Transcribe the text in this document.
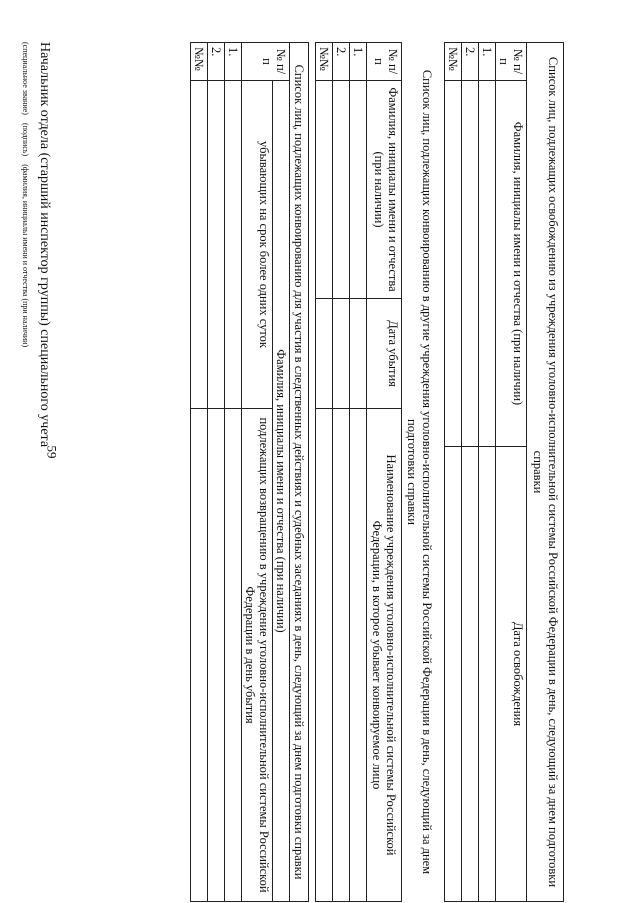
59	Список лиц, подлежащих освобождению из учреждения уголовно-исполнительной системы Российской Федерации в день, следующий за днем подготовки справки		
№ п/п	Фамилия, инициалы имени и отчества (при наличии)	Дата освобождения
1.		
2.		
№№		
Список лиц, подлежащих конвоированию в другие учреждения уголовно-исполнительной системы Российской Федерации в день, следующий за днем подготовки справки
№ п/п	Фамилия, инициалы имени и отчества (при наличии)	Дата убытия	Наименование учреждения уголовно-исполнительной системы Российской Федерации, в которое убывает конвоируемое лицо
1.			
2.			
№№			
Список лиц, подлежащих конвоированию для участия в следственных действиях и судебных заседаниях в день, следующий за днем подготовки справки		
№ п/п	Фамилия, инициалы имени и отчества (при наличии)	
	убывающих на срок более одних суток	подлежащих возвращению в учреждение уголовно-исполнительной системы Российской Федерации в день убытия
1.		
2.		
№№		
Начальник отдела (старший инспектор группы) специального учета
(специальное звание) (подпись) (фамилия, инициалы имени и отчества (при наличии)
